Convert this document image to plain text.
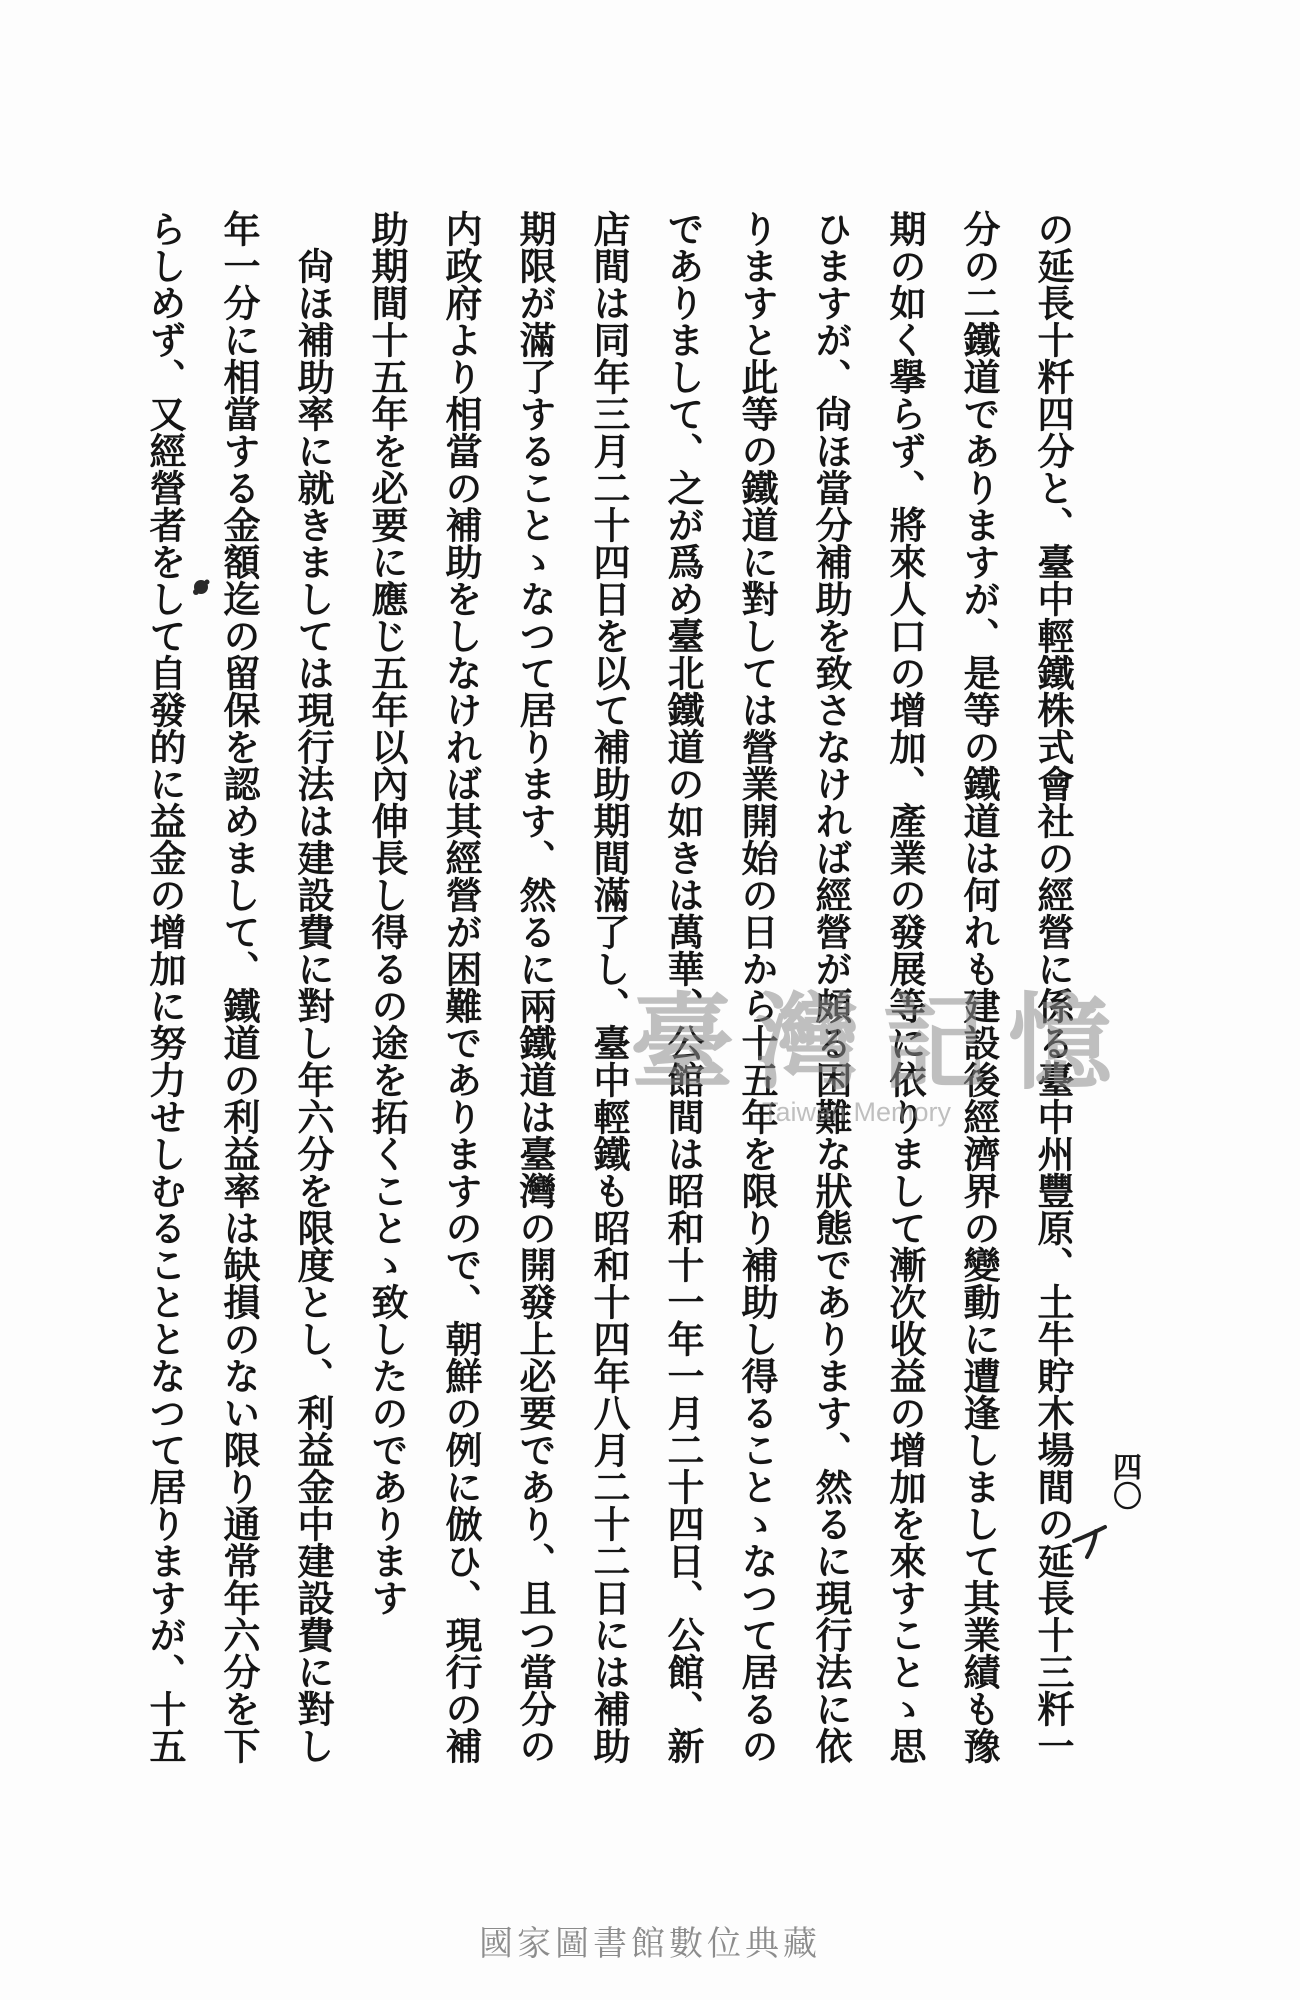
の延長十粁四分と、臺中輕鐵株式會社の經營に係る臺中州豐原、土牛貯木場間の延長十三粁一
分の二鐵道でありますが、是等の鐵道は何れも建設後經濟界の變動に遭逢しまして其業績も豫
期の如く擧らず、將來人口の增加、產業の發展等に依りまして漸次收益の增加を來すことゝ思
ひますが、尙ほ當分補助を致さなければ經營が頗る困難な狀態であります、然るに現行法に依
りますと此等の鐵道に對しては營業開始の日から十五年を限り補助し得ることゝなつて居るの
でありまして、之が爲め臺北鐵道の如きは萬華、公館間は昭和十一年一月二十四日、公館、新
店間は同年三月二十四日を以て補助期間滿了し、臺中輕鐵も昭和十四年八月二十二日には補助
期限が滿了することゝなつて居ります、然るに兩鐵道は臺灣の開發上必要であり、且つ當分の
内政府より相當の補助をしなければ其經營が困難でありますので、朝鮮の例に倣ひ、現行の補
助期間十五年を必要に應じ五年以內伸長し得るの途を拓くことゝ致したのであります
　尙ほ補助率に就きましては現行法は建設費に對し年六分を限度とし、利益金中建設費に對し
年一分に相當する金額迄の留保を認めまして、鐵道の利益率は缺損のない限り通常年六分を下
らしめず、又經營者をして自發的に益金の增加に努力せしむることとなつて居りますが、十五	四〇
臺灣記憶
Taiwan Memory
國家圖書館數位典藏
